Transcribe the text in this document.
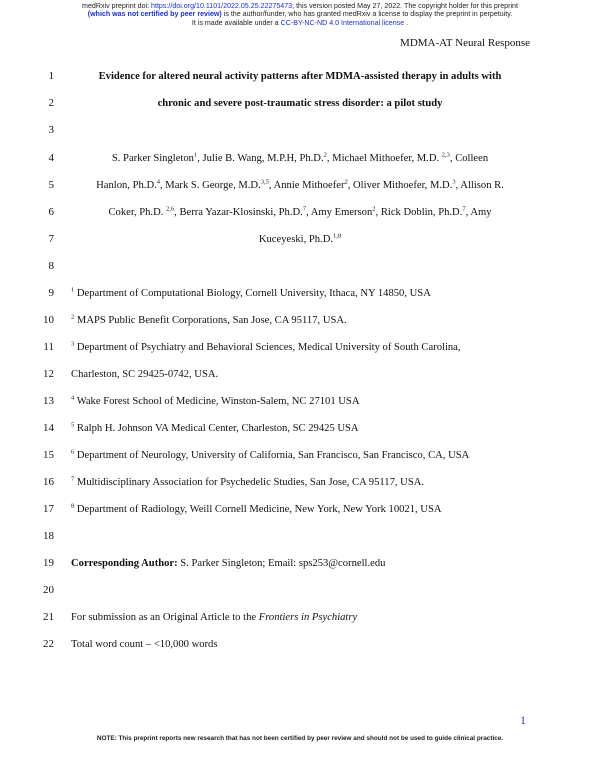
medRxiv preprint doi: https://doi.org/10.1101/2022.05.25.22275473; this version posted May 27, 2022. The copyright holder for this preprint
(which was not certified by peer review) is the author/funder, who has granted medRxiv a license to display the preprint in perpetuity.
It is made available under a CC-BY-NC-ND 4.0 International license .
MDMA-AT Neural Response
1
2
3
4
5
6
7
8
9
10
11
12
13
14
15
16
17
18
19
20
21
22
Evidence for altered neural activity patterns after MDMA-assisted therapy in adults with
chronic and severe post-traumatic stress disorder: a pilot study
S. Parker Singleton$^1$, Julie B. Wang, M.P.H, Ph.D.$^2$, Michael Mithoefer, M.D. $^{2,3}$, Colleen
Hanlon, Ph.D.$^4$, Mark S. George, M.D.$^{3,5}$, Annie Mithoefer$^2$, Oliver Mithoefer, M.D.$^3$, Allison R.
Coker, Ph.D. $^{2,6}$, Berra Yazar-Klosinski, Ph.D.$^7$, Amy Emerson$^2$, Rick Doblin, Ph.D.$^7$, Amy
Kuceyeski, Ph.D.$^{1,8}$
$^1$ Department of Computational Biology, Cornell University, Ithaca, NY 14850, USA
$^2$ MAPS Public Benefit Corporations, San Jose, CA 95117, USA.
$^3$ Department of Psychiatry and Behavioral Sciences, Medical University of South Carolina,
Charleston, SC 29425-0742, USA.
$^4$ Wake Forest School of Medicine, Winston-Salem, NC 27101 USA
$^5$ Ralph H. Johnson VA Medical Center, Charleston, SC 29425 USA
$^6$ Department of Neurology, University of California, San Francisco, San Francisco, CA, USA
$^7$ Multidisciplinary Association for Psychedelic Studies, San Jose, CA 95117, USA.
$^8$ Department of Radiology, Weill Cornell Medicine, New York, New York 10021, USA
Corresponding Author: S. Parker Singleton; Email: sps253@cornell.edu
For submission as an Original Article to the Frontiers in Psychiatry
Total word count – <10,000 words
1
NOTE: This preprint reports new research that has not been certified by peer review and should not be used to guide clinical practice.
